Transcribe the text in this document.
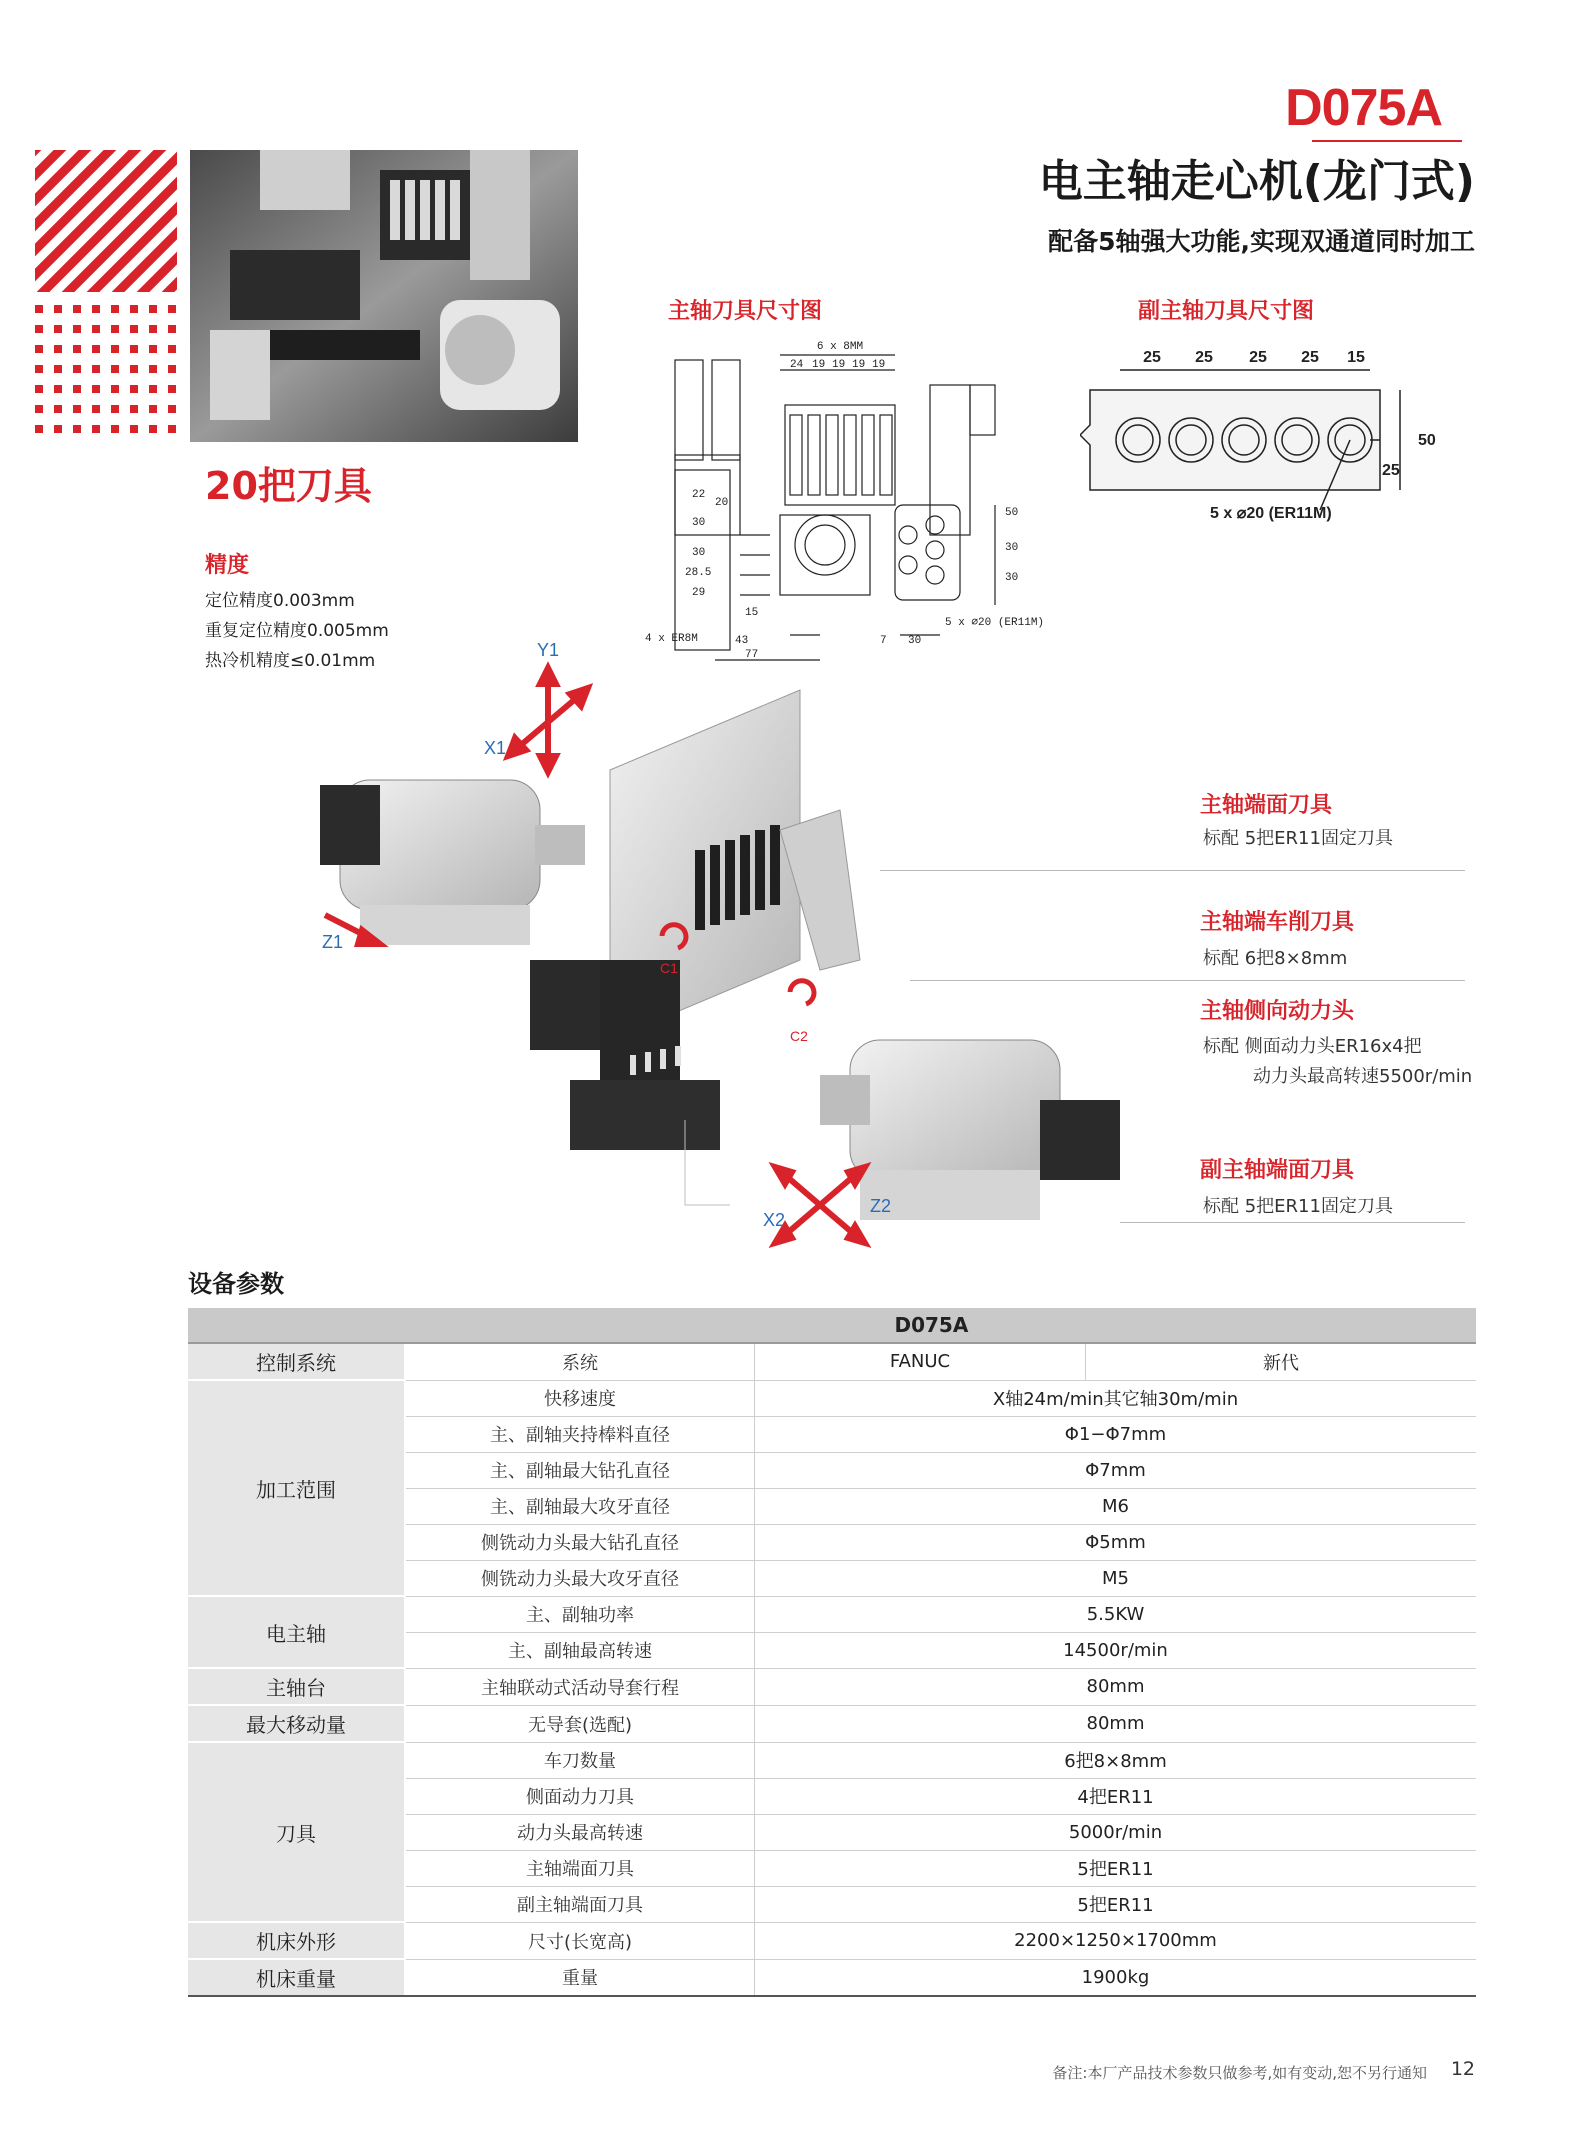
D075A
电主轴走心机(龙门式)
配备5轴强大功能,实现双通道同时加工
20把刀具
精度
定位精度0.003mm
重复定位精度0.005mm
热冷机精度≤0.01mm
主轴刀具尺寸图	副主轴刀具尺寸图
6 x 8MM
24 19 19 19 19
22
20
30
30
28.5
29
50
30
30
4 x ER8M	43
77
15
7 30
5 x ⌀20 (ER11M)
25 25 25 25 15
50
25
5 x ⌀20 (ER11M)
Y1
X1
Z1
C1
C2
X2
Z2
主轴端面刀具
标配 5把ER11固定刀具
主轴端车削刀具
标配 6把8×8mm
主轴侧向动力头
标配 侧面动力头ER16x4把
动力头最高转速5500r/min
副主轴端面刀具
标配 5把ER11固定刀具
设备参数
		D075A	
控制系统	系统	FANUC	新代
加工范围	快移速度	X轴24m/min其它轴30m/min	
	主、副轴夹持棒料直径	Φ1−Φ7mm	
	主、副轴最大钻孔直径	Φ7mm	
	主、副轴最大攻牙直径	M6	
	侧铣动力头最大钻孔直径	Φ5mm	
	侧铣动力头最大攻牙直径	M5	
电主轴	主、副轴功率	5.5KW	
	主、副轴最高转速	14500r/min	
主轴台	主轴联动式活动导套行程	80mm	
最大移动量	无导套(选配)	80mm	
刀具	车刀数量	6把8×8mm	
	侧面动力刀具	4把ER11	
	动力头最高转速	5000r/min	
	主轴端面刀具	5把ER11	
	副主轴端面刀具	5把ER11	
机床外形	尺寸(长宽高)	2200×1250×1700mm	
机床重量	重量	1900kg	
备注:本厂产品技术参数只做参考,如有变动,恕不另行通知 12
